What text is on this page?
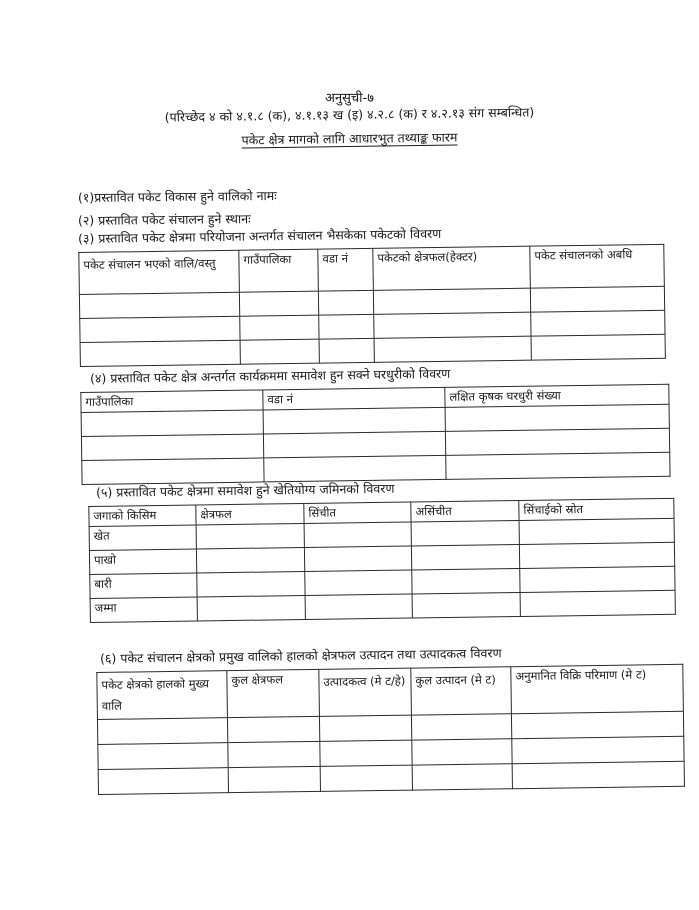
अनुसुची-७
(परिच्छेद ४ को ४.१.८ (क), ४.१.१३ ख (इ) ४.२.८ (क) र ४.२.१३ संग सम्बन्धित)
पकेट क्षेत्र मागको लागि आधारभुत तथ्याङ्क फारम
(१)प्रस्तावित पकेट विकास हुने वालिको नामः
(२) प्रस्तावित पकेट संचालन हुने स्थानः
(३) प्रस्तावित पकेट क्षेत्रमा परियोजना अन्तर्गत संचालन भैसकेका पकेटको विवरण
पकेट संचालन भएको वालि/वस्तु	गाउँपालिका	वडा नं	पकेटको क्षेत्रफल(हेक्टर)	पकेट संचालनको अबधि

(४) प्रस्तावित पकेट क्षेत्र अन्तर्गत कार्यक्रममा समावेश हुन सक्ने घरधुरीको विवरण
गाउँपालिका	वडा नं	लक्षित कृषक घरधुरी संख्या

(५) प्रस्तावित पकेट क्षेत्रमा समावेश हुने खेतियोग्य जमिनको विवरण
जगाको किसिम	क्षेत्रफल	सिंचीत	असिंचीत	सिंचाईको स्रोत
खेत				
पाखो				
बारी				
जम्मा				
(६) पकेट संचालन क्षेत्रको प्रमुख वालिको हालको क्षेत्रफल उत्पादन तथा उत्पादकत्व विवरण
पकेट क्षेत्रको हालको मुख्य वालि	कुल क्षेत्रफल	उत्पादकत्व (मे ट/हे)	कुल उत्पादन (मे ट)	अनुमानित विक्रि परिमाण (मे ट)
